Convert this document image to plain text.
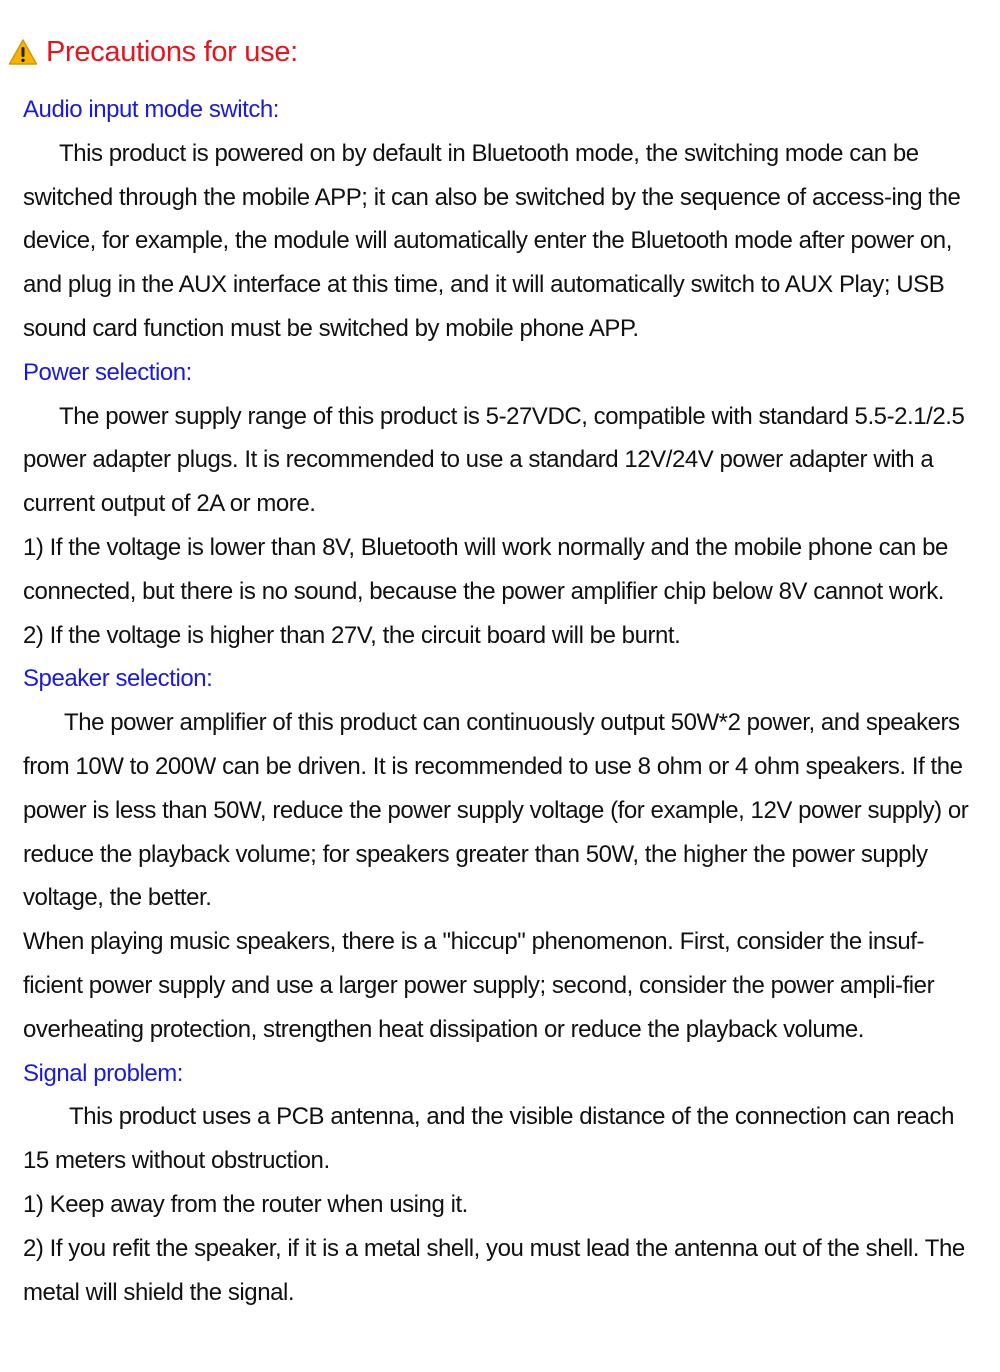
Precautions for use:

Audio input mode switch:

This product is powered on by default in Bluetooth mode, the switching mode can be switched through the mobile APP; it can also be switched by the sequence of access-ing the device, for example, the module will automatically enter the Bluetooth mode after power on, and plug in the AUX interface at this time, and it will automatically switch to AUX Play; USB sound card function must be switched by mobile phone APP.

Power selection:

The power supply range of this product is 5-27VDC, compatible with standard 5.5-2.1/2.5 power adapter plugs. It is recommended to use a standard 12V/24V power adapter with a current output of 2A or more.

1) If the voltage is lower than 8V, Bluetooth will work normally and the mobile phone can be connected, but there is no sound, because the power amplifier chip below 8V cannot work.

2) If the voltage is higher than 27V, the circuit board will be burnt.

Speaker selection:

The power amplifier of this product can continuously output 50W*2 power, and speakers from 10W to 200W can be driven. It is recommended to use 8 ohm or 4 ohm speakers. If the power is less than 50W, reduce the power supply voltage (for example, 12V power supply) or reduce the playback volume; for speakers greater than 50W, the higher the power supply voltage, the better.

When playing music speakers, there is a "hiccup" phenomenon. First, consider the insuf-ficient power supply and use a larger power supply; second, consider the power ampli-fier overheating protection, strengthen heat dissipation or reduce the playback volume.

Signal problem:

This product uses a PCB antenna, and the visible distance of the connection can reach 15 meters without obstruction.

1) Keep away from the router when using it.

2) If you refit the speaker, if it is a metal shell, you must lead the antenna out of the shell. The metal will shield the signal.
